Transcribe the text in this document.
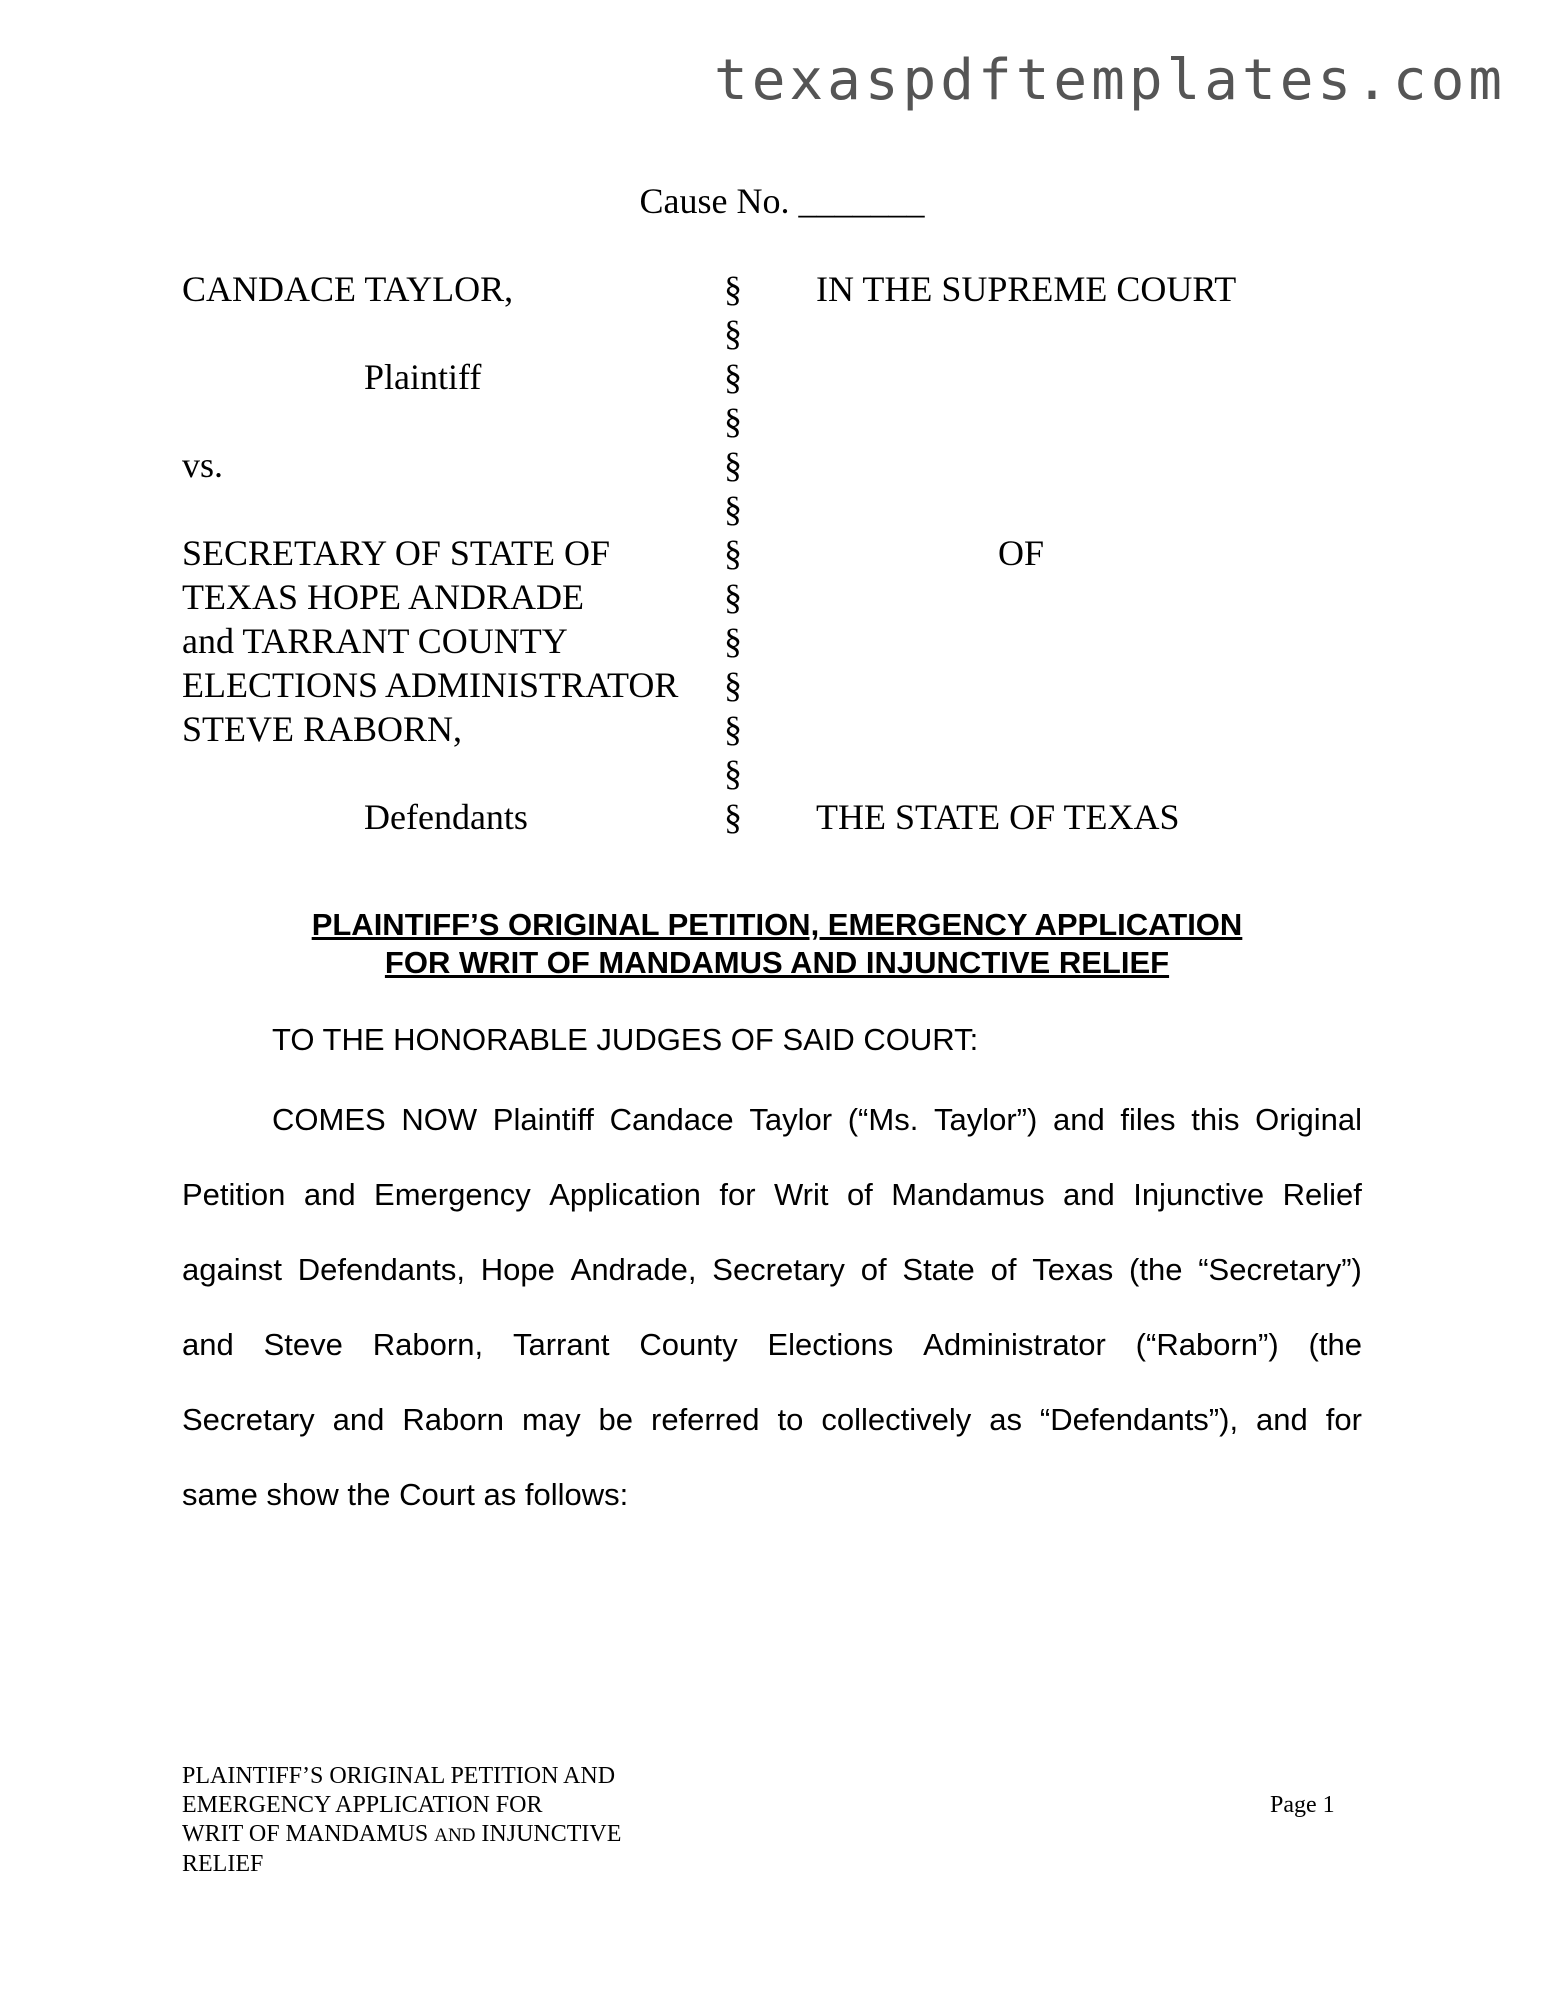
texaspdftemplates.com
Cause No. _______
CANDACE TAYLOR,	§ IN THE SUPREME COURT
§
Plaintiff	§
§
vs.	§
§
SECRETARY OF STATE OF	§	OF
TEXAS HOPE ANDRADE	§
and TARRANT COUNTY	§
ELECTIONS ADMINISTRATOR §
STEVE RABORN,	§
§
Defendants	§ THE STATE OF TEXAS
PLAINTIFF’S ORIGINAL PETITION, EMERGENCY APPLICATION
FOR WRIT OF MANDAMUS AND INJUNCTIVE RELIEF
TO THE HONORABLE JUDGES OF SAID COURT:
COMES NOW Plaintiff Candace Taylor (“Ms. Taylor”) and files this Original
Petition and Emergency Application for Writ of Mandamus and Injunctive Relief
against Defendants, Hope Andrade, Secretary of State of Texas (the “Secretary”)
and Steve Raborn, Tarrant County Elections Administrator (“Raborn”) (the
Secretary and Raborn may be referred to collectively as “Defendants”), and for
same show the Court as follows:
PLAINTIFF’S ORIGINAL PETITION AND
EMERGENCY APPLICATION FOR
WRIT OF MANDAMUS AND INJUNCTIVE
RELIEF
Page 1
